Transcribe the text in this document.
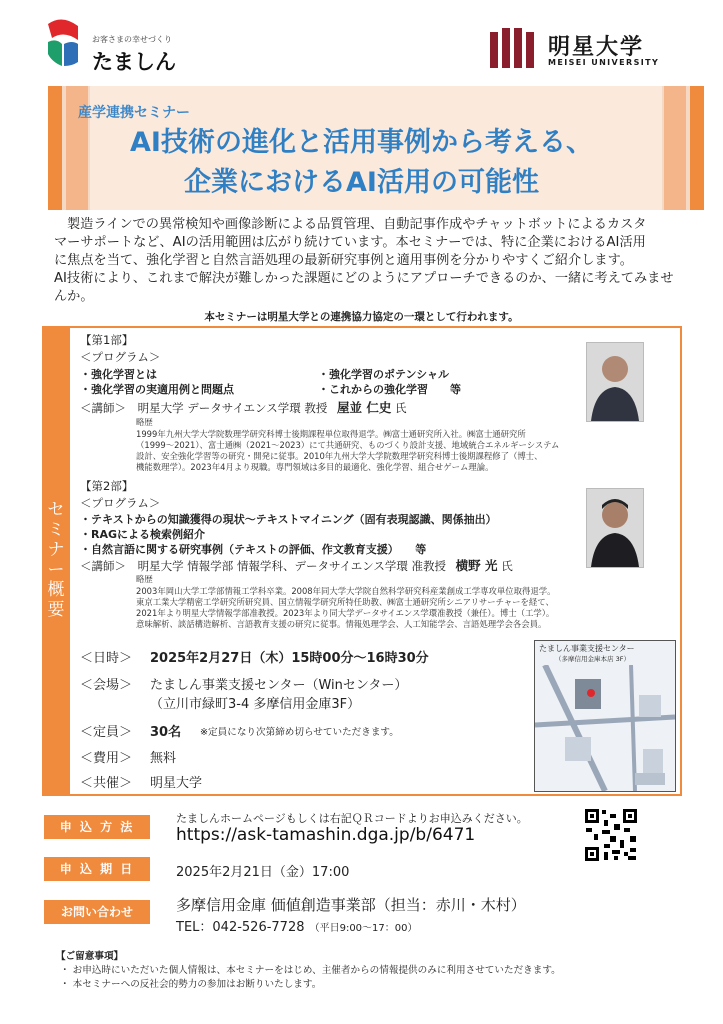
お客さまの幸せづくり
たましん
明星大学
MEISEI UNIVERSITY
産学連携セミナー
AI技術の進化と活用事例から考える、
企業におけるAI活用の可能性
製造ラインでの異常検知や画像診断による品質管理、自動記事作成やチャットボットによるカスタ
マーサポートなど、AIの活用範囲は広がり続けています。本セミナーでは、特に企業におけるAI活用
に焦点を当て、強化学習と自然言語処理の最新研究事例と適用事例を分かりやすくご紹介します。
AI技術により、これまで解決が難しかった課題にどのようにアプローチできるのか、一緒に考えてみませ
んか。
本セミナーは明星大学との連携協力協定の一環として行われます。
セ
ミ
ナ
ー
概
要
【第1部】
＜プログラム＞
・強化学習とは
・強化学習の実適用例と問題点
・強化学習のポテンシャル
・これからの強化学習　　等
＜講師＞ 明星大学 データサイエンス学環 教授 屋並 仁史 氏
略歴
1999年九州大学大学院数理学研究科博士後期課程単位取得退学。㈱富士通研究所入社。㈱富士通研究所
（1999～2021）、富士通㈱（2021～2023）にて共通研究、ものづくり設計支援、地域統合エネルギーシステム
設計、安全強化学習等の研究・開発に従事。2010年九州大学大学院数理学研究科博士後期課程修了（博士、
機能数理学）。2023年4月より現職。専門領域は多目的最適化、強化学習、組合せゲーム理論。
【第2部】
＜プログラム＞
・テキストからの知識獲得の現状～テキストマイニング（固有表現認識、関係抽出）
・RAGによる検索例紹介
・自然言語に関する研究事例（テキストの評価、作文教育支援）　　等
＜講師＞ 明星大学 情報学部 情報学科、データサイエンス学環 准教授 横野 光 氏
略歴
2003年岡山大学工学部情報工学科卒業。2008年同大学大学院自然科学研究科産業創成工学専攻単位取得退学。
東京工業大学精密工学研究所研究員、国立情報学研究所特任助教、㈱富士通研究所シニアリサーチャーを経て、
2021年より明星大学情報学部准教授。2023年より同大学データサイエンス学環准教授（兼任）。博士（工学）。
意味解析、談話構造解析、言語教育支援の研究に従事。情報処理学会、人工知能学会、言語処理学会各会員。
＜日時＞ 2025年2月27日（木）15時00分～16時30分
＜会場＞ たましん事業支援センター（Winセンター）
（立川市緑町3-4 多摩信用金庫3F）
＜定員＞ 30名 ※定員になり次第締め切らせていただきます。
＜費用＞ 無料
＜共催＞ 明星大学
たましん事業支援センター
（多摩信用金庫本店 3F）
申 込 方 法
たましんホームページもしくは右記ＱＲコードよりお申込みください。
https://ask-tamashin.dga.jp/b/6471
申 込 期 日	2025年2月21日（金）17:00
お問い合わせ	多摩信用金庫 価値創造事業部（担当：赤川・木村）
TEL：042-526-7728 （平日9:00～17：00）
【ご留意事項】
・ お申込時にいただいた個人情報は、本セミナーをはじめ、主催者からの情報提供のみに利用させていただきます。
・ 本セミナーへの反社会的勢力の参加はお断りいたします。
